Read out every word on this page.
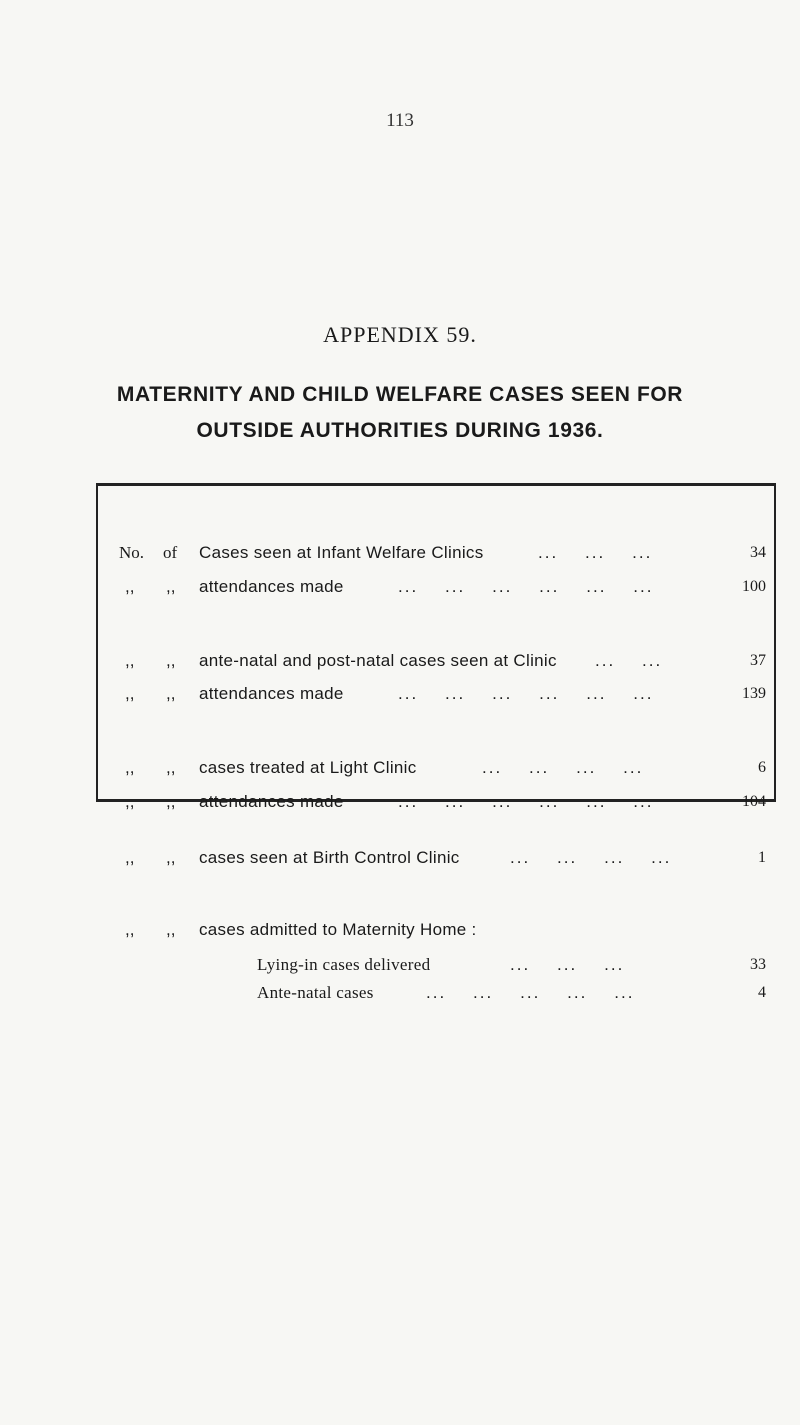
113
APPENDIX 59.
MATERNITY AND CHILD WELFARE CASES SEEN FOR
OUTSIDE AUTHORITIES DURING 1936.
No. of Cases seen at Infant Welfare Clinics	...    ...    ...	34
,, ,, attendances made	...    ...    ...    ...    ...    ...	100
,, ,, ante-natal and post-natal cases seen at Clinic ...    ...	37
,, ,, attendances made	...    ...    ...    ...    ...    ...	139
,, ,, cases treated at Light Clinic	...    ...    ...    ...	6
,, ,, attendances made	...    ...    ...    ...    ...    ...	104
,, ,, cases seen at Birth Control Clinic	...    ...    ...    ...	1
,, ,, cases admitted to Maternity Home :
Lying-in cases delivered	...    ...    ...	33
Ante-natal cases	...    ...    ...    ...    ...	4
